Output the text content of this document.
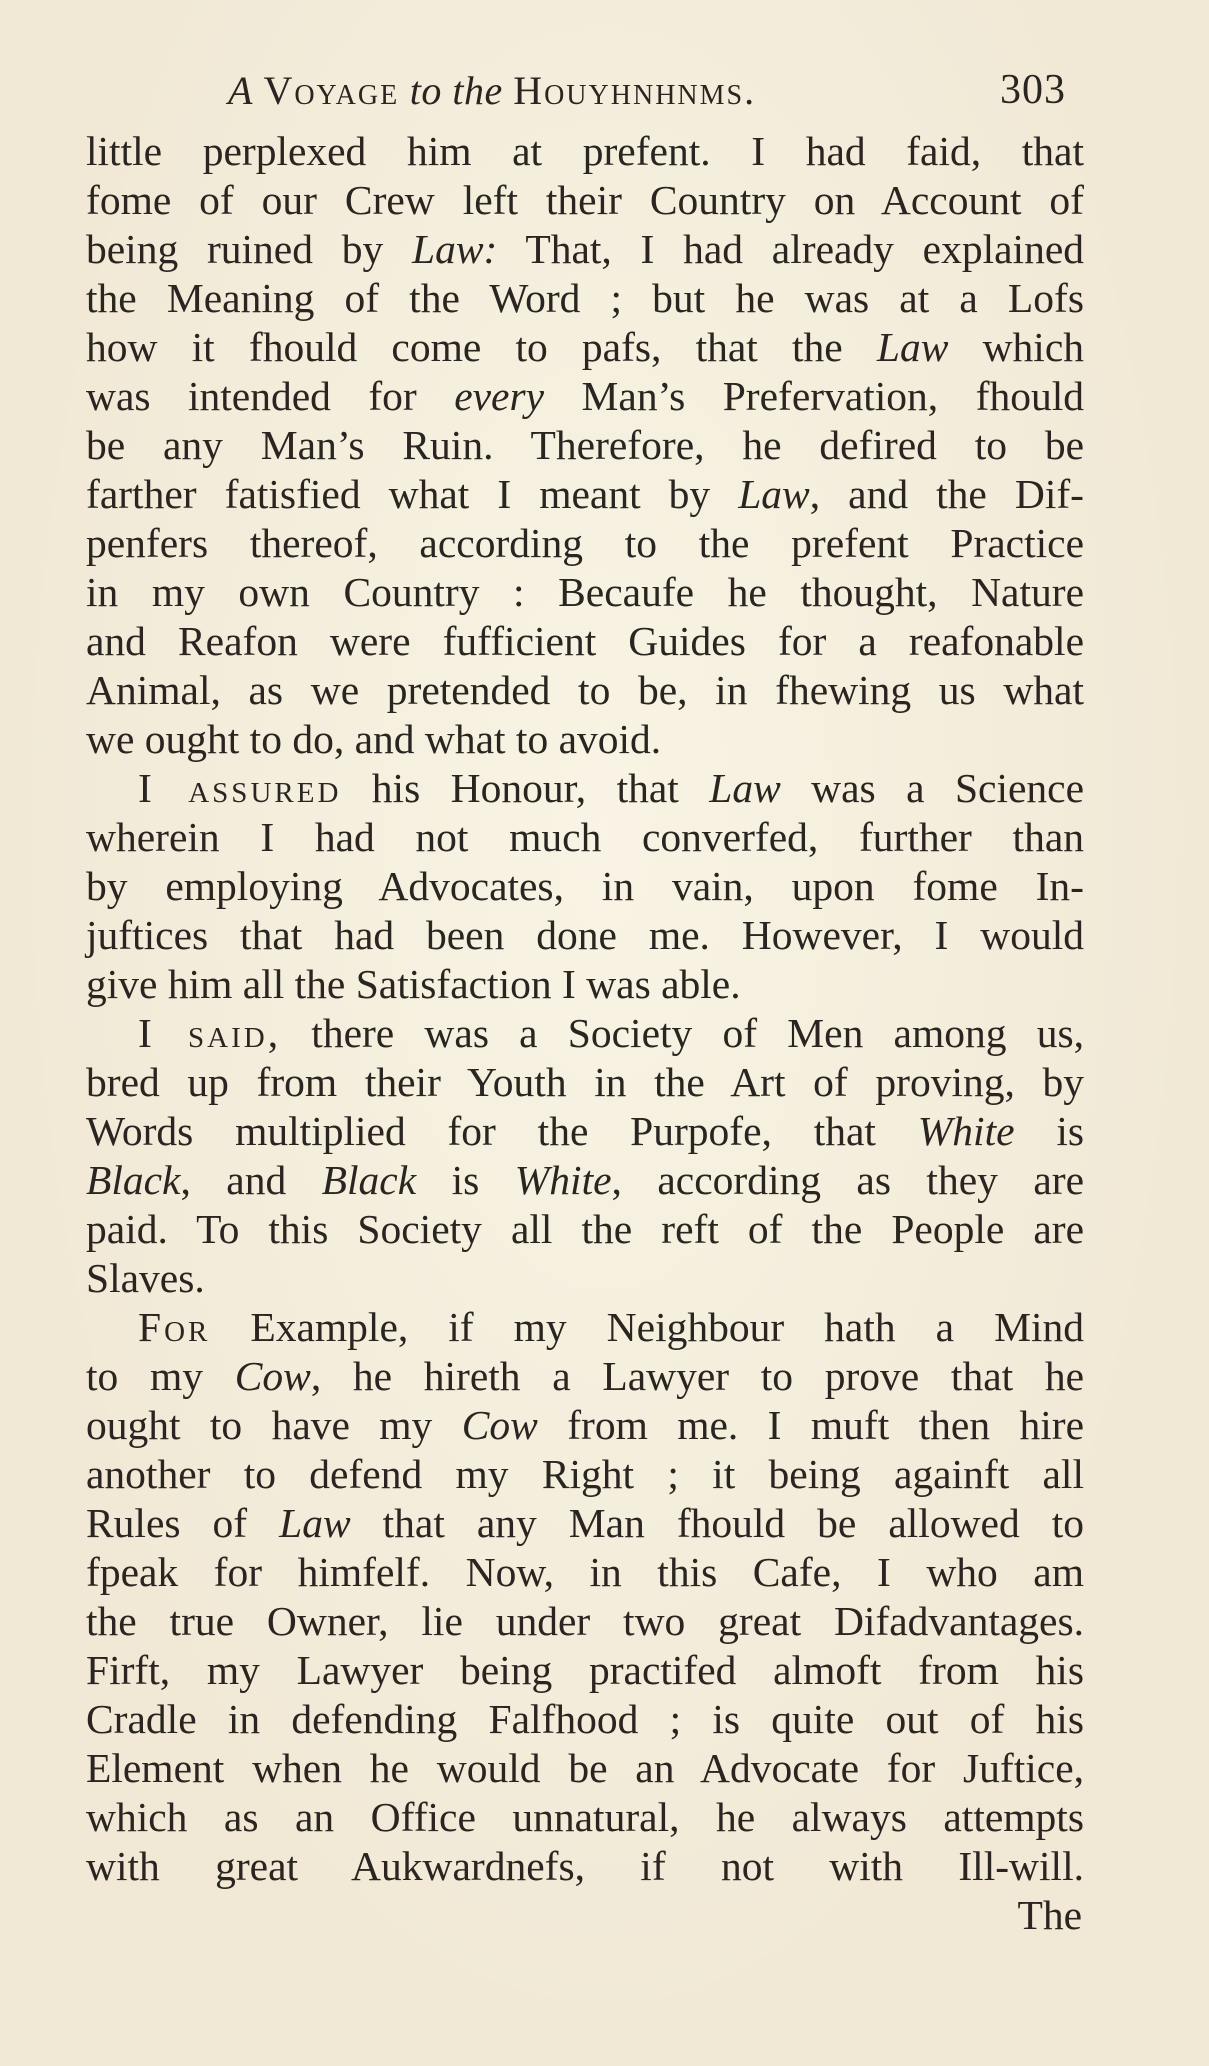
A Voyage to the Houyhnhnms.	303
little perplexed him at prefent. I had faid, that
fome of our Crew left their Country on Account of
being ruined by Law: That, I had already explained
the Meaning of the Word ; but he was at a Lofs
how it fhould come to pafs, that the Law which
was intended for every Man’s Prefervation, fhould
be any Man’s Ruin. Therefore, he defired to be
farther fatisfied what I meant by Law, and the Dif-
penfers thereof, according to the prefent Practice
in my own Country : Becaufe he thought, Nature
and Reafon were fufficient Guides for a reafonable
Animal, as we pretended to be, in fhewing us what
we ought to do, and what to avoid.
I assured his Honour, that Law was a Science
wherein I had not much converfed, further than
by employing Advocates, in vain, upon fome In-
juftices that had been done me. However, I would
give him all the Satisfaction I was able.
I said, there was a Society of Men among us,
bred up from their Youth in the Art of proving, by
Words multiplied for the Purpofe, that White is
Black, and Black is White, according as they are
paid. To this Society all the reft of the People are
Slaves.
For Example, if my Neighbour hath a Mind
to my Cow, he hireth a Lawyer to prove that he
ought to have my Cow from me. I muft then hire
another to defend my Right ; it being againft all
Rules of Law that any Man fhould be allowed to
fpeak for himfelf. Now, in this Cafe, I who am
the true Owner, lie under two great Difadvantages.
Firft, my Lawyer being practifed almoft from his
Cradle in defending Falfhood ; is quite out of his
Element when he would be an Advocate for Juftice,
which as an Office unnatural, he always attempts
with great Aukwardnefs, if not with Ill-will.
The
